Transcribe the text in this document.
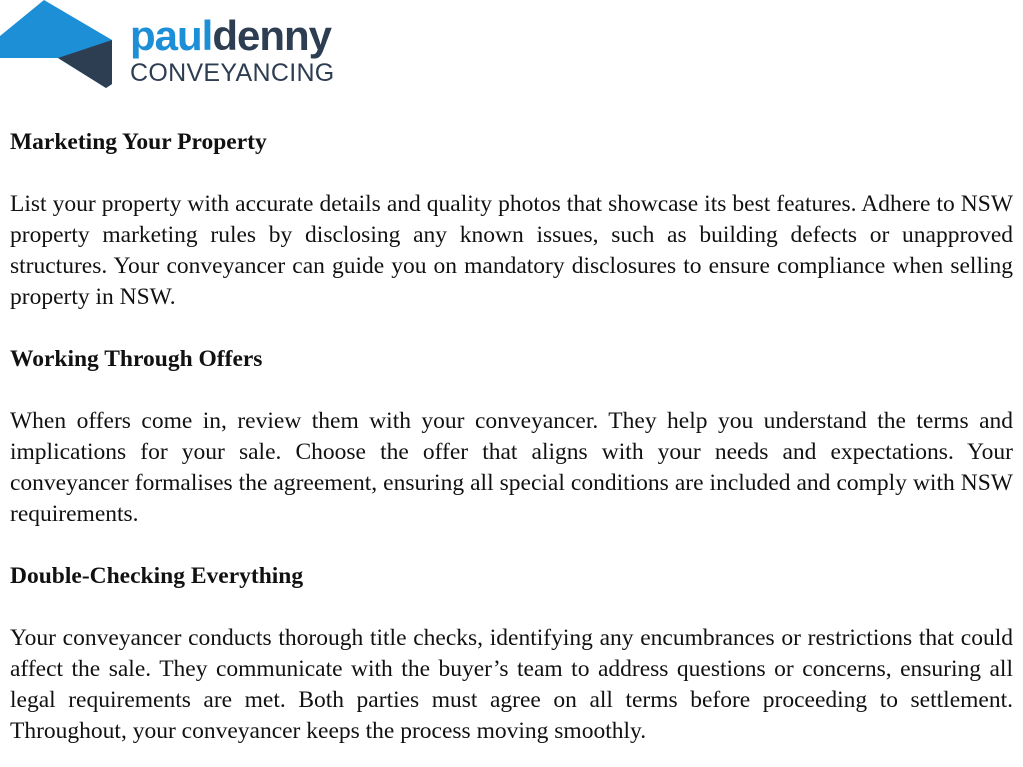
pauldenny
CONVEYANCING
Marketing Your Property

List your property with accurate details and quality photos that showcase its best features. Adhere to NSW property marketing rules by disclosing any known issues, such as building defects or unapproved structures. Your conveyancer can guide you on mandatory disclosures to ensure compliance when selling property in NSW.

Working Through Offers

When offers come in, review them with your conveyancer. They help you understand the terms and implications for your sale. Choose the offer that aligns with your needs and expectations. Your conveyancer formalises the agreement, ensuring all special conditions are included and comply with NSW requirements.

Double-Checking Everything

Your conveyancer conducts thorough title checks, identifying any encumbrances or restrictions that could affect the sale. They communicate with the buyer’s team to address questions or concerns, ensuring all legal requirements are met. Both parties must agree on all terms before proceeding to settlement. Throughout, your conveyancer keeps the process moving smoothly.
